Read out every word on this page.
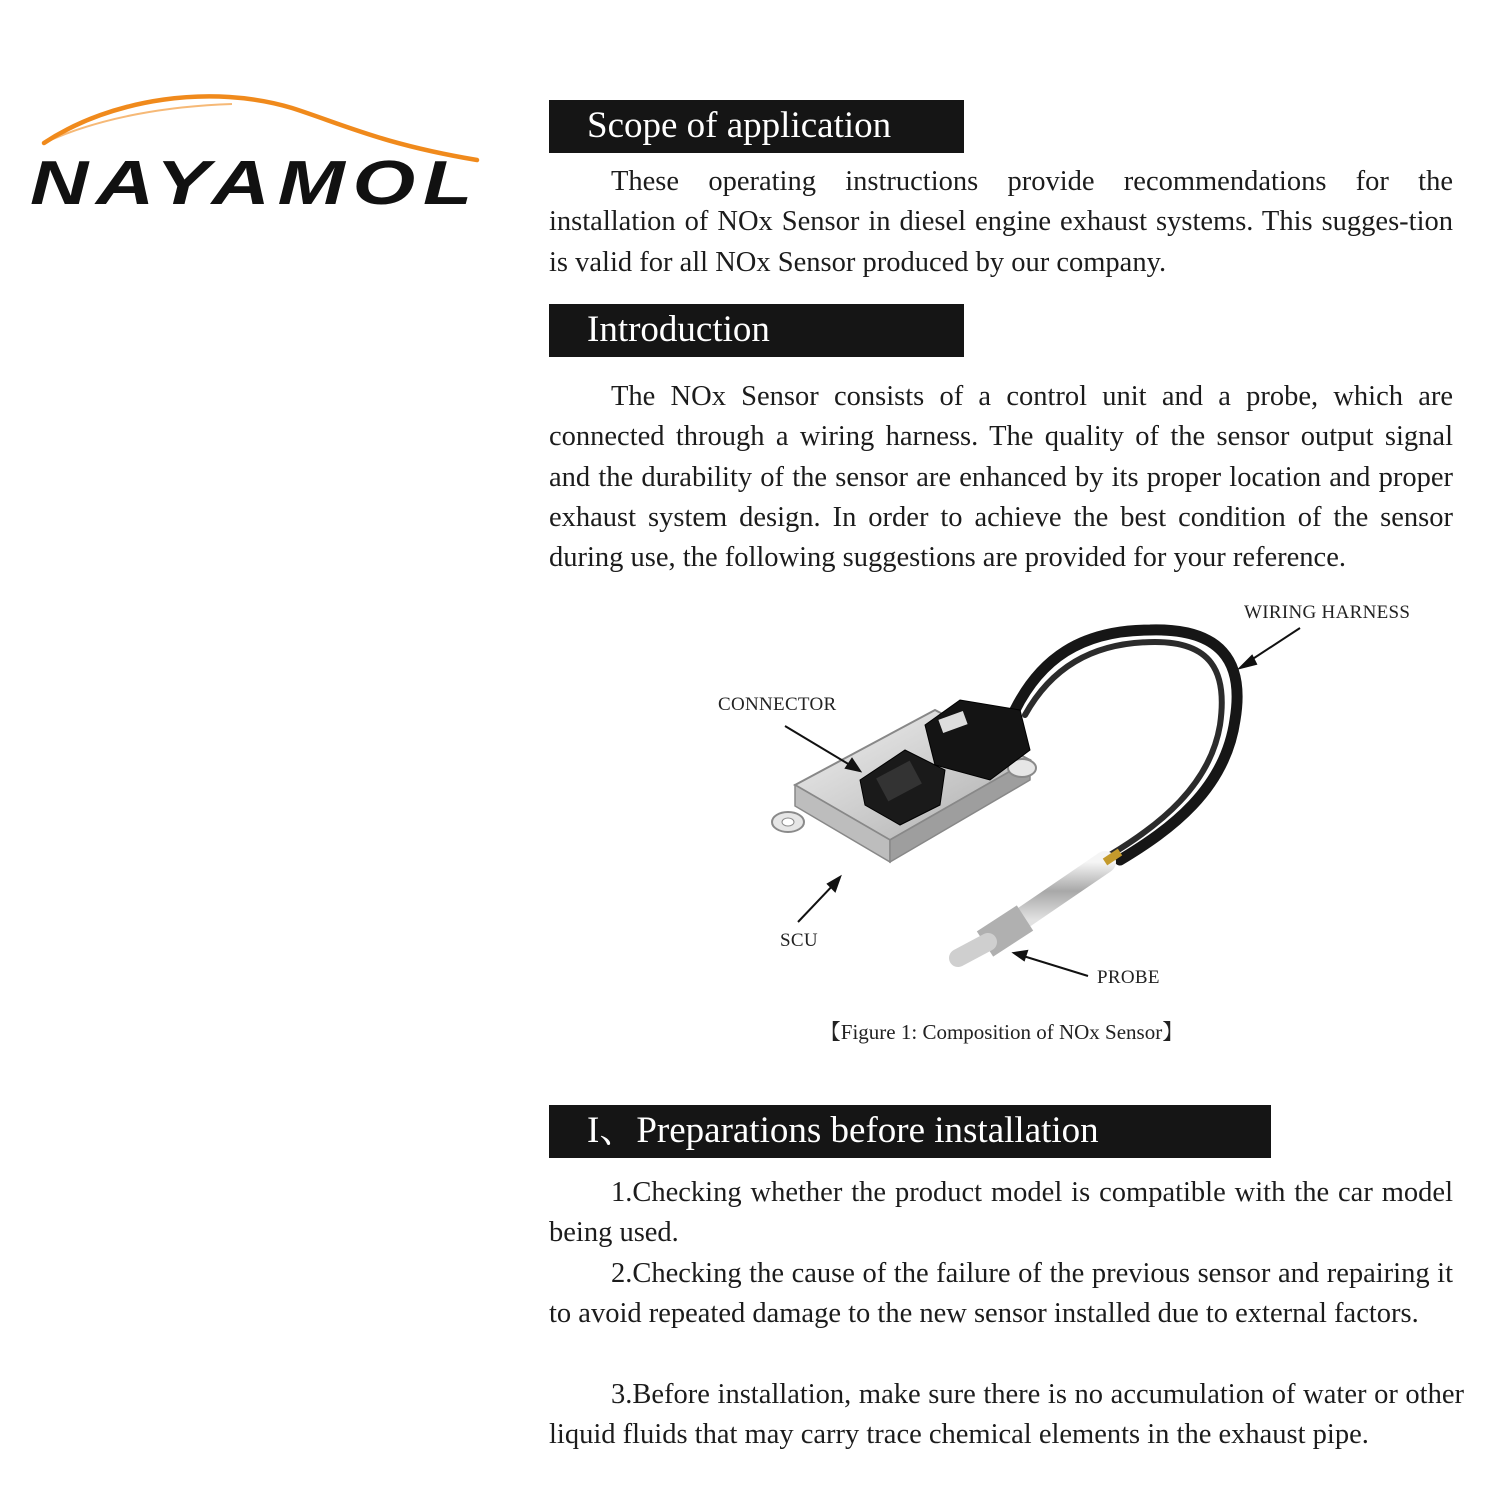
NAYAMOL
Scope of application

These operating instructions provide recommendations for the installation of NOx Sensor in diesel engine exhaust systems. This sugges-tion is valid for all NOx Sensor produced by our company.

Introduction

The NOx Sensor consists of a control unit and a probe, which are connected through a wiring harness. The quality of the sensor output signal and the durability of the sensor are enhanced by its proper location and proper exhaust system design. In order to achieve the best condition of the sensor during use, the following suggestions are provided for your reference.

WIRING HARNESS
CONNECTOR
SCU
PROBE
【Figure 1: Composition of NOx Sensor】
I、Preparations before installation

1.Checking whether the product model is compatible with the car model being used.

2.Checking the cause of the failure of the previous sensor and repairing it to avoid repeated damage to the new sensor installed due to external factors.

3.Before installation, make sure there is no accumulation of water or other liquid fluids that may carry trace chemical elements in the exhaust pipe.
